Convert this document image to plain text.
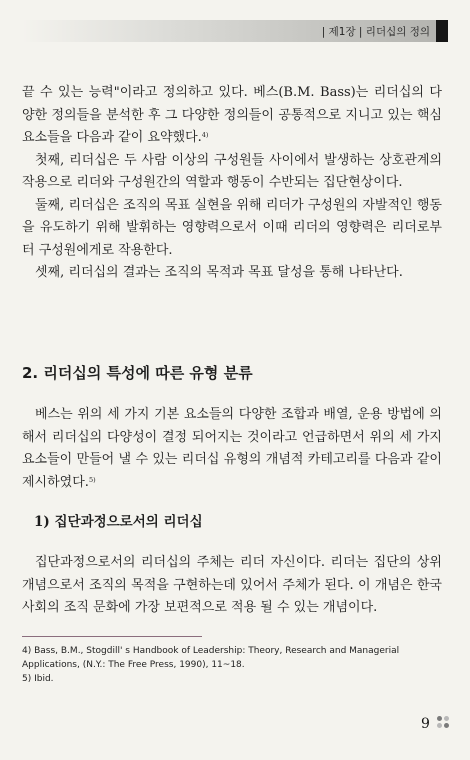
| 제1장 | 리더십의 정의

끝 수 있는 능력"이라고 정의하고 있다. 베스(B.M. Bass)는 리더십의 다양한 정의들을 분석한 후 그 다양한 정의들이 공통적으로 지니고 있는 핵심 요소들을 다음과 같이 요약했다.$^{4)}$

첫째, 리더십은 두 사람 이상의 구성원들 사이에서 발생하는 상호관계의 작용으로 리더와 구성원간의 역할과 행동이 수반되는 집단현상이다.

둘째, 리더십은 조직의 목표 실현을 위해 리더가 구성원의 자발적인 행동을 유도하기 위해 발휘하는 영향력으로서 이때 리더의 영향력은 리더로부터 구성원에게로 작용한다.

셋째, 리더십의 결과는 조직의 목적과 목표 달성을 통해 나타난다.

2. 리더십의 특성에 따른 유형 분류

베스는 위의 세 가지 기본 요소들의 다양한 조합과 배열, 운용 방법에 의해서 리더십의 다양성이 결정 되어지는 것이라고 언급하면서 위의 세 가지 요소들이 만들어 낼 수 있는 리더십 유형의 개념적 카테고리를 다음과 같이 제시하였다.$^{5)}$

1) 집단과정으로서의 리더십

집단과정으로서의 리더십의 주체는 리더 자신이다. 리더는 집단의 상위개념으로서 조직의 목적을 구현하는데 있어서 주체가 된다. 이 개념은 한국 사회의 조직 문화에 가장 보편적으로 적용 될 수 있는 개념이다.

4) Bass, B.M., Stogdill' s Handbook of Leadership: Theory, Research and Managerial Applications, (N.Y.: The Free Press, 1990), 11~18.

5) Ibid.

9
